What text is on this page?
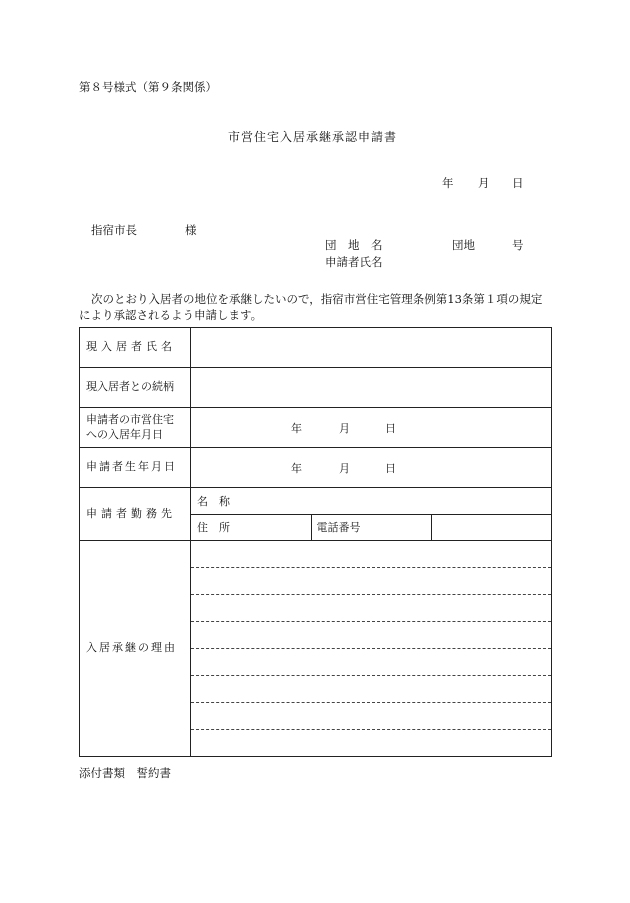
第８号様式（第９条関係）
市営住宅入居承継承認申請書
年 月 日
指宿市長	様
団　地　名	団地	号
申請者氏名
次のとおり入居者の地位を承継したいので，指宿市営住宅管理条例第13条第１項の規定
により承認されるよう申請します。
現入居者氏名	
現入居者との続柄	

申請者の市営住宅
への入居年月日	年	月	日

申請者生年月日	年	月	日

申請者勤務先	
名　称
住　所	電話番号	

入居承継の理由	
添付書類　誓約書
